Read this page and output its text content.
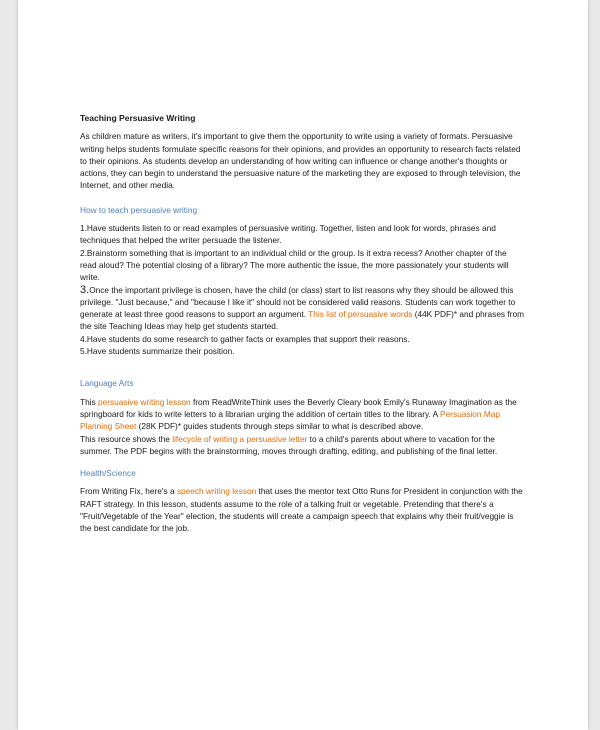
Teaching Persuasive Writing

As children mature as writers, it's important to give them the opportunity to write using a variety of formats. Persuasive writing helps students formulate specific reasons for their opinions, and provides an opportunity to research facts related to their opinions. As students develop an understanding of how writing can influence or change another's thoughts or actions, they can begin to understand the persuasive nature of the marketing they are exposed to through television, the Internet, and other media.

How to teach persuasive writing

1.Have students listen to or read examples of persuasive writing. Together, listen and look for words, phrases and techniques that helped the writer persuade the listener.

2.Brainstorm something that is important to an individual child or the group. Is it extra recess? Another chapter of the read aloud? The potential closing of a library? The more authentic the issue, the more passionately your students will write.

3.Once the important privilege is chosen, have the child (or class) start to list reasons why they should be allowed this privilege. "Just because," and "because I like it" should not be considered valid reasons. Students can work together to generate at least three good reasons to support an argument. This list of persuasive words (44K PDF)* and phrases from the site Teaching Ideas may help get students started.

4.Have students do some research to gather facts or examples that support their reasons.

5.Have students summarize their position.

Language Arts

This persuasive writing lesson from ReadWriteThink uses the Beverly Cleary book Emily's Runaway Imagination as the springboard for kids to write letters to a librarian urging the addition of certain titles to the library. A Persuasion Map Planning Sheet (28K PDF)* guides students through steps similar to what is described above.

This resource shows the lifecycle of writing a persuasive letter to a child's parents about where to vacation for the summer. The PDF begins with the brainstorming, moves through drafting, editing, and publishing of the final letter.

Health/Science

From Writing Fix, here's a speech writing lesson that uses the mentor text Otto Runs for President in conjunction with the RAFT strategy. In this lesson, students assume to the role of a talking fruit or vegetable. Pretending that there's a "Fruit/Vegetable of the Year" election, the students will create a campaign speech that explains why their fruit/veggie is the best candidate for the job.
